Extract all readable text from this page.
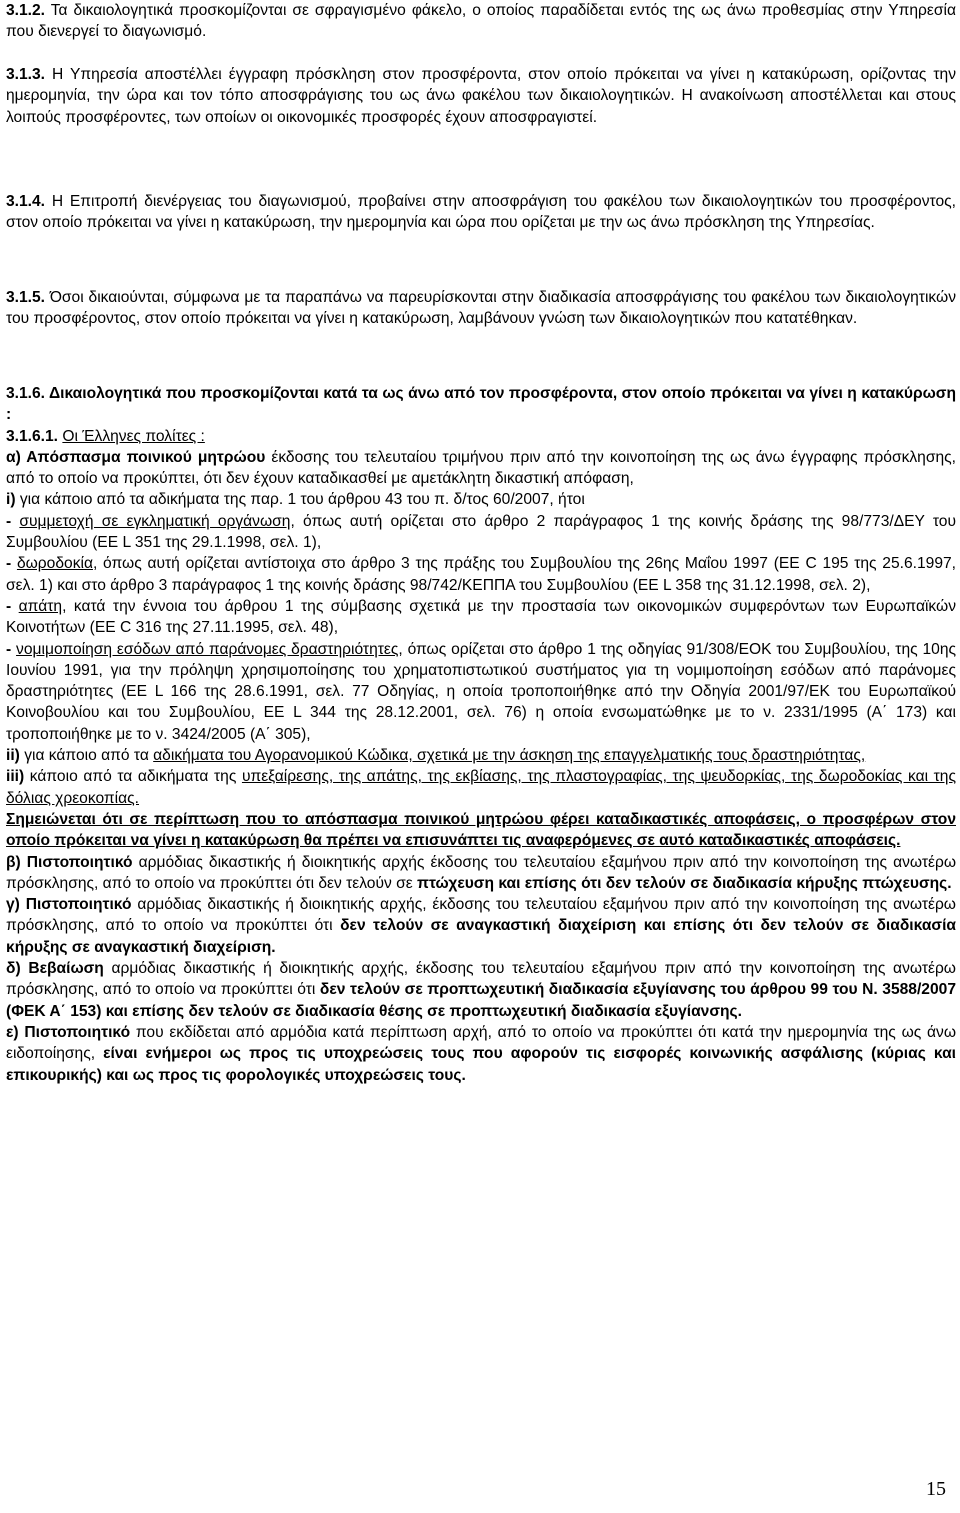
3.1.2. Τα δικαιολογητικά προσκομίζονται σε σφραγισμένο φάκελο, ο οποίος παραδίδεται εντός της ως άνω προθεσμίας στην Υπηρεσία που διενεργεί το διαγωνισμό.

3.1.3. Η Υπηρεσία αποστέλλει έγγραφη πρόσκληση στον προσφέροντα, στον οποίο πρόκειται να γίνει η κατακύρωση, ορίζοντας την ημερομηνία, την ώρα και τον τόπο αποσφράγισης του ως άνω φακέλου των δικαιολογητικών. Η ανακοίνωση αποστέλλεται και στους λοιπούς προσφέροντες, των οποίων οι οικονομικές προσφορές έχουν αποσφραγιστεί.

3.1.4. Η Επιτροπή διενέργειας του διαγωνισμού, προβαίνει στην αποσφράγιση του φακέλου των δικαιολογητικών του προσφέροντος, στον οποίο πρόκειται να γίνει η κατακύρωση, την ημερομηνία και ώρα που ορίζεται με την ως άνω πρόσκληση της Υπηρεσίας.

3.1.5. Όσοι δικαιούνται, σύμφωνα με τα παραπάνω να παρευρίσκονται στην διαδικασία αποσφράγισης του φακέλου των δικαιολογητικών του προσφέροντος, στον οποίο πρόκειται να γίνει η κατακύρωση, λαμβάνουν γνώση των δικαιολογητικών που κατατέθηκαν.

3.1.6. Δικαιολογητικά που προσκομίζονται κατά τα ως άνω από τον προσφέροντα, στον οποίο πρόκειται να γίνει η κατακύρωση :

3.1.6.1. Οι Έλληνες πολίτες :

α) Απόσπασμα ποινικού μητρώου έκδοσης του τελευταίου τριμήνου πριν από την κοινοποίηση της ως άνω έγγραφης πρόσκλησης, από το οποίο να προκύπτει, ότι δεν έχουν καταδικασθεί με αμετάκλητη δικαστική απόφαση,

i) για κάποιο από τα αδικήματα της παρ. 1 του άρθρου 43 του π. δ/τος 60/2007, ήτοι

- συμμετοχή σε εγκληματική οργάνωση, όπως αυτή ορίζεται στο άρθρο 2 παράγραφος 1 της κοινής δράσης της 98/773/ΔΕΥ του Συμβουλίου (ΕΕ L 351 της 29.1.1998, σελ. 1),

- δωροδοκία, όπως αυτή ορίζεται αντίστοιχα στο άρθρο 3 της πράξης του Συμβουλίου της 26ης Μαΐου 1997 (ΕΕ C 195 της 25.6.1997, σελ. 1) και στο άρθρο 3 παράγραφος 1 της κοινής δράσης 98/742/ΚΕΠΠΑ του Συμβουλίου (ΕΕ L 358 της 31.12.1998, σελ. 2),

- απάτη, κατά την έννοια του άρθρου 1 της σύμβασης σχετικά με την προστασία των οικονομικών συμφερόντων των Ευρωπαϊκών Κοινοτήτων (ΕΕ C 316 της 27.11.1995, σελ. 48),

- νομιμοποίηση εσόδων από παράνομες δραστηριότητες, όπως ορίζεται στο άρθρο 1 της οδηγίας 91/308/ΕΟΚ του Συμβουλίου, της 10ης Ιουνίου 1991, για την πρόληψη χρησιμοποίησης του χρηματοπιστωτικού συστήματος για τη νομιμοποίηση εσόδων από παράνομες δραστηριότητες (ΕΕ L 166 της 28.6.1991, σελ. 77 Οδηγίας, η οποία τροποποιήθηκε από την Οδηγία 2001/97/ΕΚ του Ευρωπαϊκού Κοινοβουλίου και του Συμβουλίου, ΕΕ L 344 της 28.12.2001, σελ. 76) η οποία ενσωματώθηκε με το ν. 2331/1995 (Α΄ 173) και τροποποιήθηκε με το ν. 3424/2005 (Α΄ 305),

ii) για κάποιο από τα αδικήματα του Αγορανομικού Κώδικα, σχετικά με την άσκηση της επαγγελματικής τους δραστηριότητας,

iii) κάποιο από τα αδικήματα της υπεξαίρεσης, της απάτης, της εκβίασης, της πλαστογραφίας, της ψευδορκίας, της δωροδοκίας και της δόλιας χρεοκοπίας.

Σημειώνεται ότι σε περίπτωση που το απόσπασμα ποινικού μητρώου φέρει καταδικαστικές αποφάσεις, ο προσφέρων στον οποίο πρόκειται να γίνει η κατακύρωση θα πρέπει να επισυνάπτει τις αναφερόμενες σε αυτό καταδικαστικές αποφάσεις.

β) Πιστοποιητικό αρμόδιας δικαστικής ή διοικητικής αρχής έκδοσης του τελευταίου εξαμήνου πριν από την κοινοποίηση της ανωτέρω πρόσκλησης, από το οποίο να προκύπτει ότι δεν τελούν σε πτώχευση και επίσης ότι δεν τελούν σε διαδικασία κήρυξης πτώχευσης.

γ) Πιστοποιητικό αρμόδιας δικαστικής ή διοικητικής αρχής, έκδοσης του τελευταίου εξαμήνου πριν από την κοινοποίηση της ανωτέρω πρόσκλησης, από το οποίο να προκύπτει ότι δεν τελούν σε αναγκαστική διαχείριση και επίσης ότι δεν τελούν σε διαδικασία κήρυξης σε αναγκαστική διαχείριση.

δ) Βεβαίωση αρμόδιας δικαστικής ή διοικητικής αρχής, έκδοσης του τελευταίου εξαμήνου πριν από την κοινοποίηση της ανωτέρω πρόσκλησης, από το οποίο να προκύπτει ότι δεν τελούν σε προπτωχευτική διαδικασία εξυγίανσης του άρθρου 99 του Ν. 3588/2007 (ΦΕΚ Α΄ 153) και επίσης δεν τελούν σε διαδικασία θέσης σε προπτωχευτική διαδικασία εξυγίανσης.

ε) Πιστοποιητικό που εκδίδεται από αρμόδια κατά περίπτωση αρχή, από το οποίο να προκύπτει ότι κατά την ημερομηνία της ως άνω ειδοποίησης, είναι ενήμεροι ως προς τις υποχρεώσεις τους που αφορούν τις εισφορές κοινωνικής ασφάλισης (κύριας και επικουρικής) και ως προς τις φορολογικές υποχρεώσεις τους.

15
